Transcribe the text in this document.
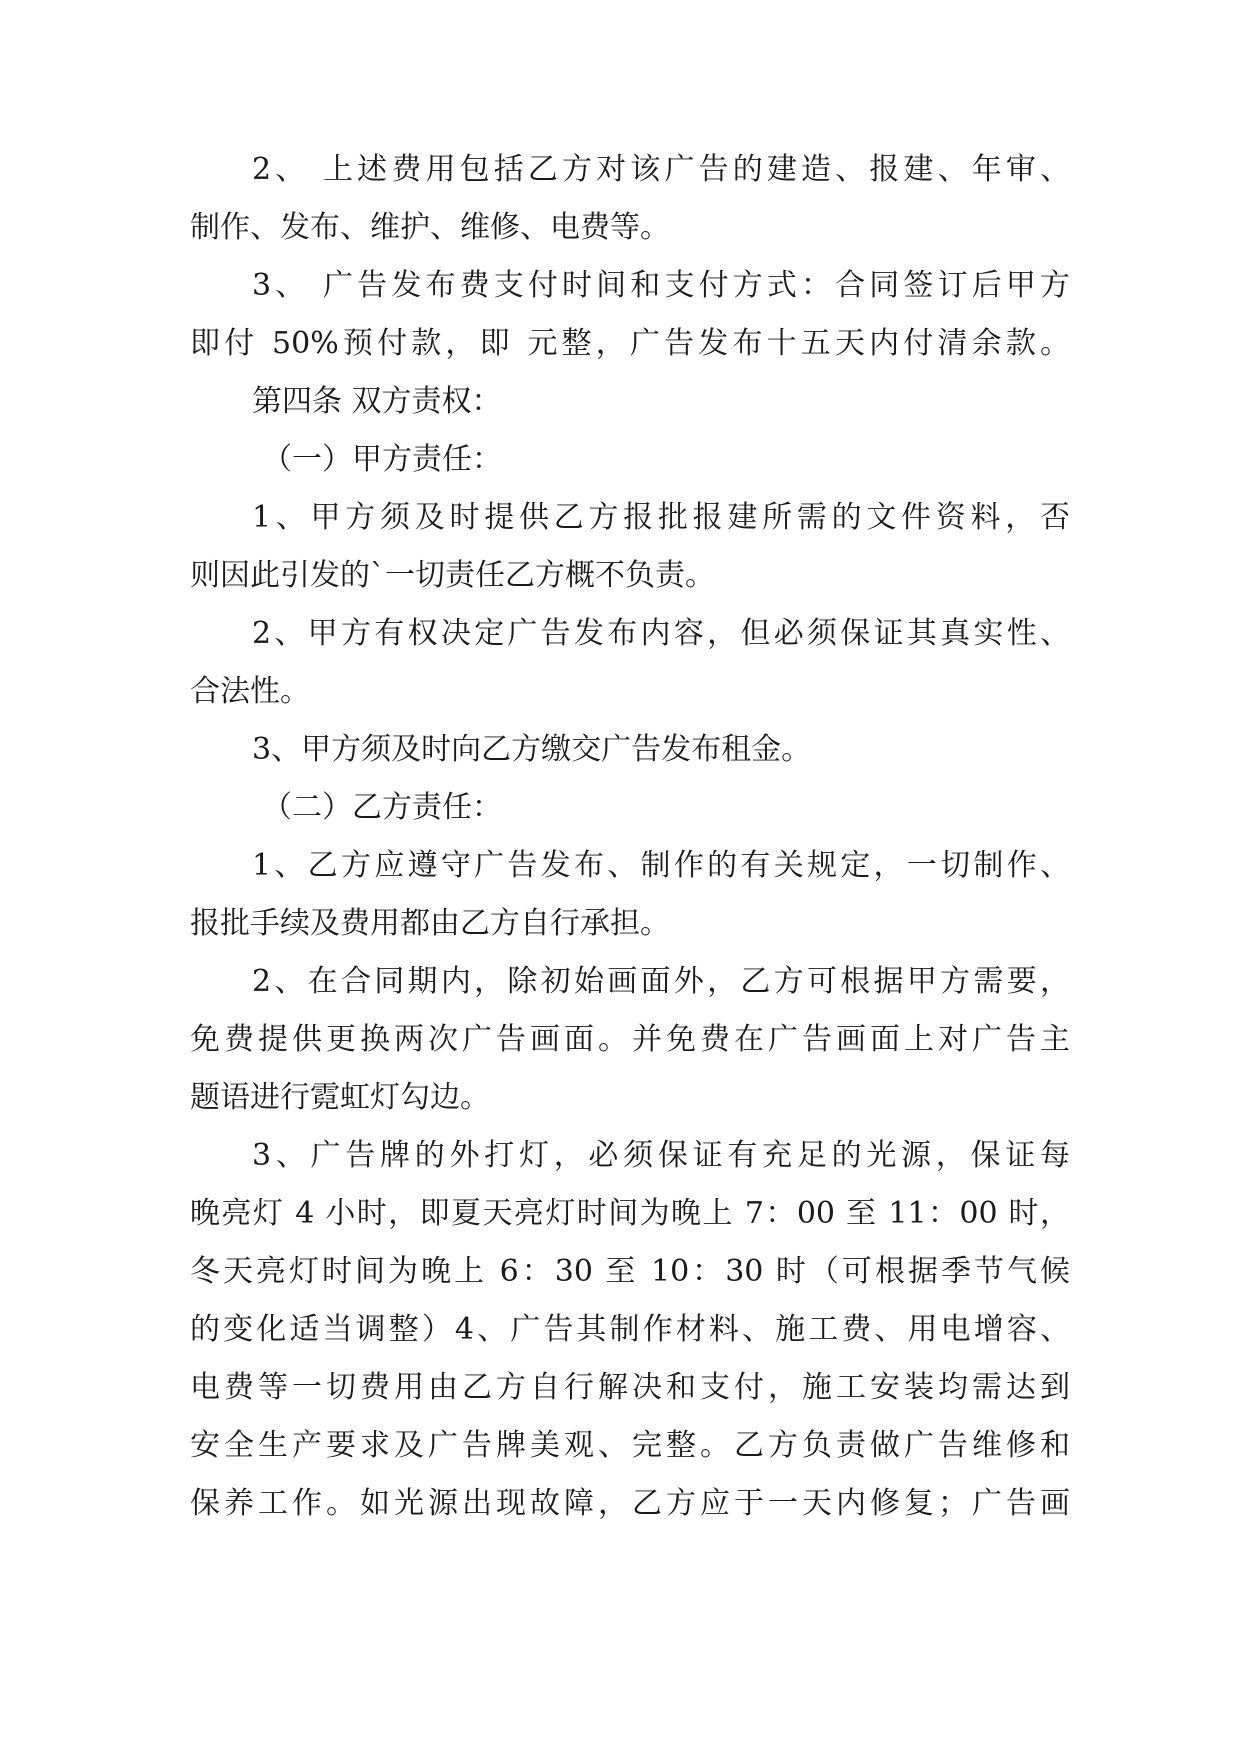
2、 上述费用包括乙方对该广告的建造、报建、年审、
制作、发布、维护、维修、电费等。
3、 广告发布费支付时间和支付方式：合同签订后甲方
即付 50%预付款，即 元整，广告发布十五天内付清余款。
第四条 双方责权：
（一）甲方责任：
1、甲方须及时提供乙方报批报建所需的文件资料，否
则因此引发的`一切责任乙方概不负责。
2、甲方有权决定广告发布内容，但必须保证其真实性、
合法性。
3、甲方须及时向乙方缴交广告发布租金。
（二）乙方责任：
1、乙方应遵守广告发布、制作的有关规定，一切制作、
报批手续及费用都由乙方自行承担。
2、在合同期内，除初始画面外，乙方可根据甲方需要，
免费提供更换两次广告画面。并免费在广告画面上对广告主
题语进行霓虹灯勾边。
3、广告牌的外打灯，必须保证有充足的光源，保证每
晚亮灯 4 小时，即夏天亮灯时间为晚上 7：00 至 11：00 时，
冬天亮灯时间为晚上 6：30 至 10：30 时（可根据季节气候
的变化适当调整）4、广告其制作材料、施工费、用电增容、
电费等一切费用由乙方自行解决和支付，施工安装均需达到
安全生产要求及广告牌美观、完整。乙方负责做广告维修和
保养工作。如光源出现故障，乙方应于一天内修复；广告画
